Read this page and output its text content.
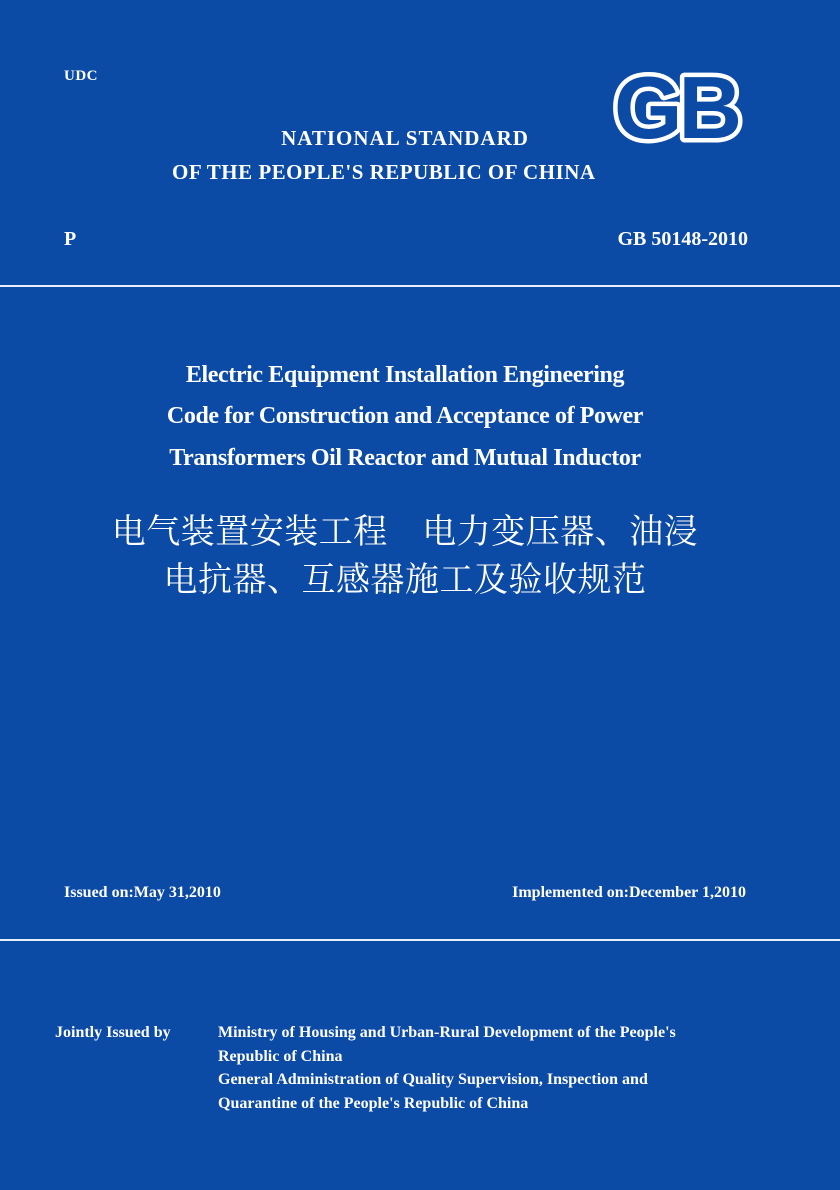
UDC
NATIONAL STANDARD
OF THE PEOPLE'S REPUBLIC OF CHINA
GB
P	GB 50148-2010
Electric Equipment Installation Engineering
Code for Construction and Acceptance of Power
Transformers Oil Reactor and Mutual Inductor
电气装置安装工程　电力变压器、油浸
电抗器、互感器施工及验收规范
Issued on:May 31,2010	Implemented on:December 1,2010
Jointly Issued by	Ministry of Housing and Urban-Rural Development of the People's
Republic of China
General Administration of Quality Supervision, Inspection and
Quarantine of the People's Republic of China
